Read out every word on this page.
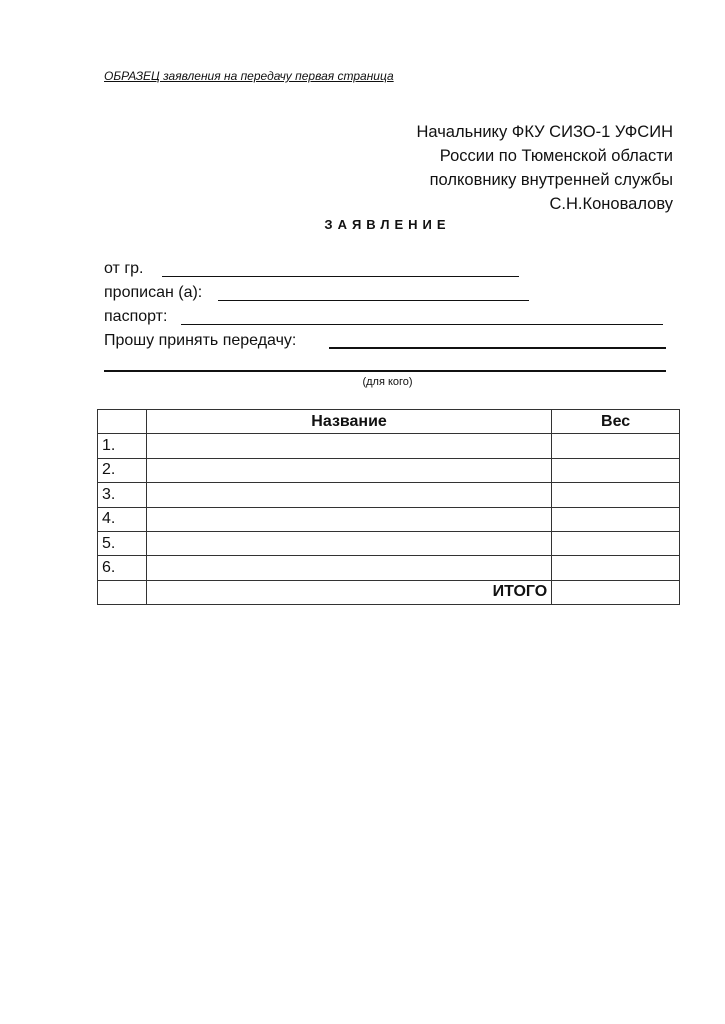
ОБРАЗЕЦ заявления на передачу первая страница
Начальнику ФКУ СИЗО-1 УФСИН
России по Тюменской области
полковнику внутренней службы
С.Н.Коновалову
ЗАЯВЛЕНИЕ
от гр.
прописан (а):
паспорт:
Прошу принять передачу:
(для кого)
	Название	Вес
1.		
2.		
3.		
4.		
5.		
6.		
	ИТОГО	
